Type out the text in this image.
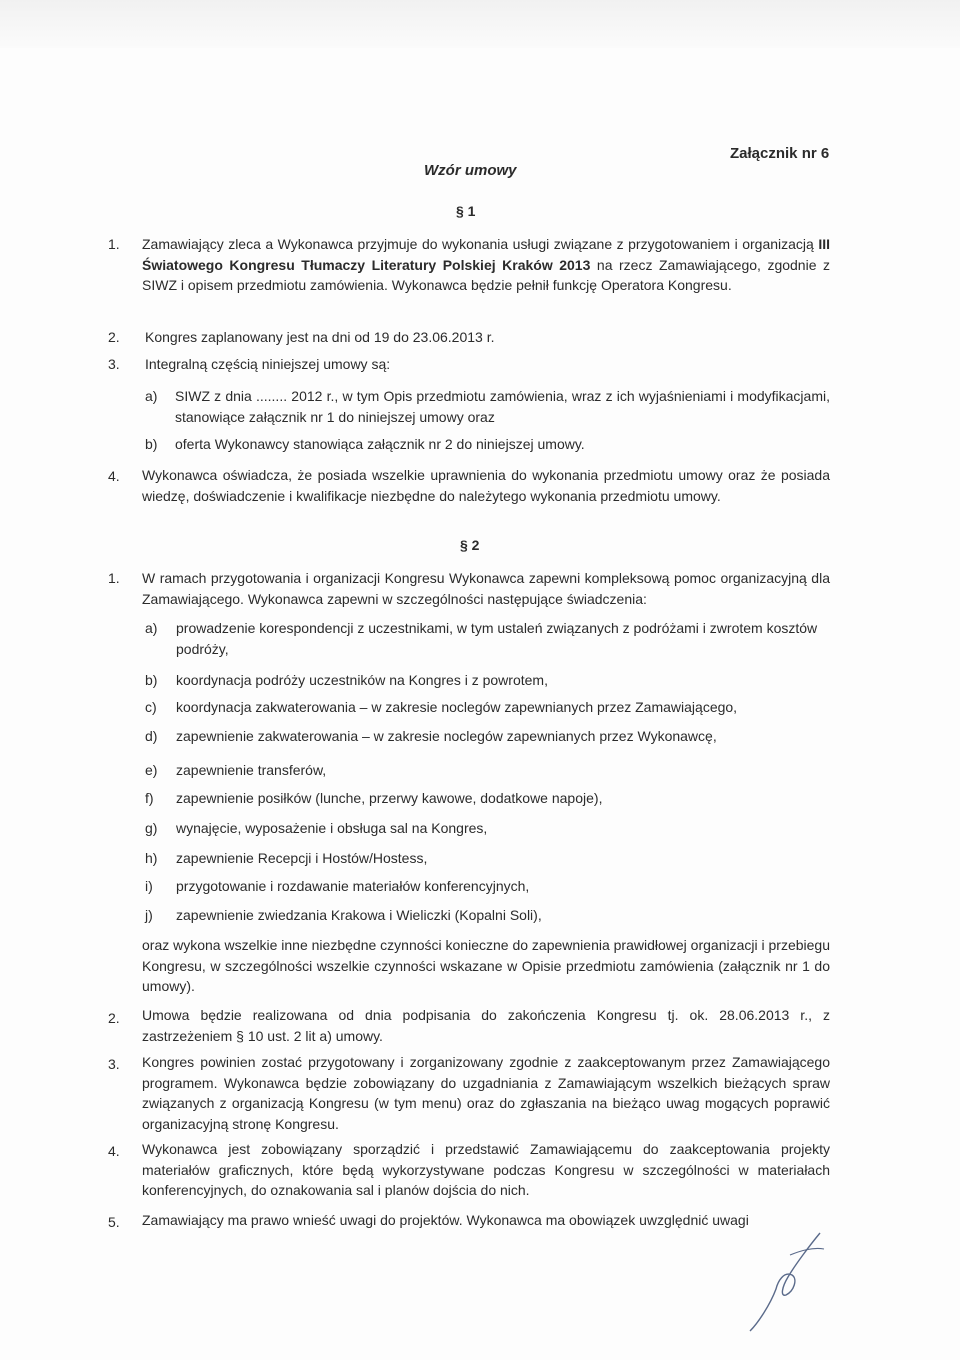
Załącznik nr 6
Wzór umowy
§ 1
1. Zamawiający zleca a Wykonawca przyjmuje do wykonania usługi związane z przygotowaniem i organizacją III Światowego Kongresu Tłumaczy Literatury Polskiej Kraków 2013 na rzecz Zamawiającego, zgodnie z SIWZ i opisem przedmiotu zamówienia. Wykonawca będzie pełnił funkcję Operatora Kongresu.
2. Kongres zaplanowany jest na dni od 19 do 23.06.2013 r.
3. Integralną częścią niniejszej umowy są:
a) SIWZ z dnia ........ 2012 r., w tym Opis przedmiotu zamówienia, wraz z ich wyjaśnieniami i modyfikacjami, stanowiące załącznik nr 1 do niniejszej umowy oraz
b) oferta Wykonawcy stanowiąca załącznik nr 2 do niniejszej umowy.
4. Wykonawca oświadcza, że posiada wszelkie uprawnienia do wykonania przedmiotu umowy oraz że posiada wiedzę, doświadczenie i kwalifikacje niezbędne do należytego wykonania przedmiotu umowy.
§ 2
1. W ramach przygotowania i organizacji Kongresu Wykonawca zapewni kompleksową pomoc organizacyjną dla Zamawiającego. Wykonawca zapewni w szczególności następujące świadczenia:
a) prowadzenie korespondencji z uczestnikami, w tym ustaleń związanych z podróżami i zwrotem kosztów podróży,
b) koordynacja podróży uczestników na Kongres i z powrotem,
c) koordynacja zakwaterowania – w zakresie noclegów zapewnianych przez Zamawiającego,
d) zapewnienie zakwaterowania – w zakresie noclegów zapewnianych przez Wykonawcę,
e) zapewnienie transferów,
f) zapewnienie posiłków (lunche, przerwy kawowe, dodatkowe napoje),
g) wynajęcie, wyposażenie i obsługa sal na Kongres,
h) zapewnienie Recepcji i Hostów/Hostess,
i) przygotowanie i rozdawanie materiałów konferencyjnych,
j) zapewnienie zwiedzania Krakowa i Wieliczki (Kopalni Soli),
oraz wykona wszelkie inne niezbędne czynności konieczne do zapewnienia prawidłowej organizacji i przebiegu Kongresu, w szczególności wszelkie czynności wskazane w Opisie przedmiotu zamówienia (załącznik nr 1 do umowy).
2. Umowa będzie realizowana od dnia podpisania do zakończenia Kongresu tj. ok. 28.06.2013 r., z zastrzeżeniem § 10 ust. 2 lit a) umowy.
3. Kongres powinien zostać przygotowany i zorganizowany zgodnie z zaakceptowanym przez Zamawiającego programem. Wykonawca będzie zobowiązany do uzgadniania z Zamawiającym wszelkich bieżących spraw związanych z organizacją Kongresu (w tym menu) oraz do zgłaszania na bieżąco uwag mogących poprawić organizacyjną stronę Kongresu.
4. Wykonawca jest zobowiązany sporządzić i przedstawić Zamawiającemu do zaakceptowania projekty materiałów graficznych, które będą wykorzystywane podczas Kongresu w szczególności w materiałach konferencyjnych, do oznakowania sal i planów dojścia do nich.
5. Zamawiający ma prawo wnieść uwagi do projektów. Wykonawca ma obowiązek uwzględnić uwagi
